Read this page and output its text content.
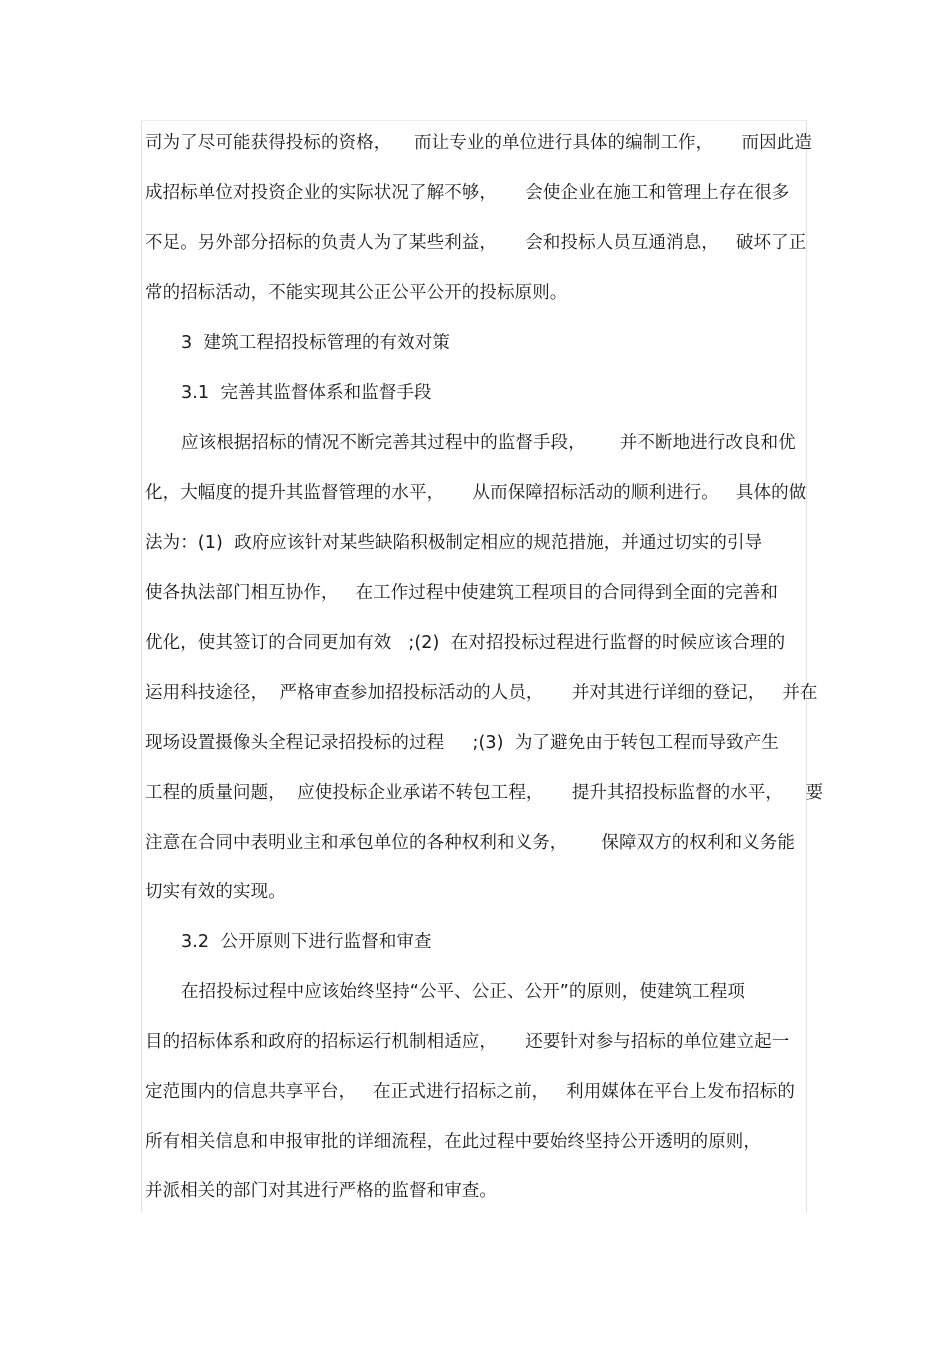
司为了尽可能获得投标的资格，    而让专业的单位进行具体的编制工作，     而因此造
成招标单位对投资企业的实际状况了解不够，     会使企业在施工和管理上存在很多
不足。另外部分招标的负责人为了某些利益，     会和投标人员互通消息，   破坏了正
常的招标活动，不能实现其公正公平公开的投标原则。
3  建筑工程招投标管理的有效对策
3.1  完善其监督体系和监督手段
应该根据招标的情况不断完善其过程中的监督手段，      并不断地进行改良和优
化，大幅度的提升其监督管理的水平，     从而保障招标活动的顺利进行。   具体的做
法为：(1)  政府应该针对某些缺陷积极制定相应的规范措施，并通过切实的引导
使各执法部门相互协作，   在工作过程中使建筑工程项目的合同得到全面的完善和
优化，使其签订的合同更加有效   ;(2)  在对招投标过程进行监督的时候应该合理的
运用科技途径，  严格审查参加招投标活动的人员，     并对其进行详细的登记，   并在
现场设置摄像头全程记录招投标的过程     ;(3)  为了避免由于转包工程而导致产生
工程的质量问题，  应使投标企业承诺不转包工程，     提升其招投标监督的水平，    要
注意在合同中表明业主和承包单位的各种权利和义务，      保障双方的权利和义务能
切实有效的实现。
3.2  公开原则下进行监督和审查
在招投标过程中应该始终坚持“公平、公正、公开”的原则，使建筑工程项
目的招标体系和政府的招标运行机制相适应，     还要针对参与招标的单位建立起一
定范围内的信息共享平台，   在正式进行招标之前，   利用媒体在平台上发布招标的
所有相关信息和申报审批的详细流程，在此过程中要始终坚持公开透明的原则，
并派相关的部门对其进行严格的监督和审查。
